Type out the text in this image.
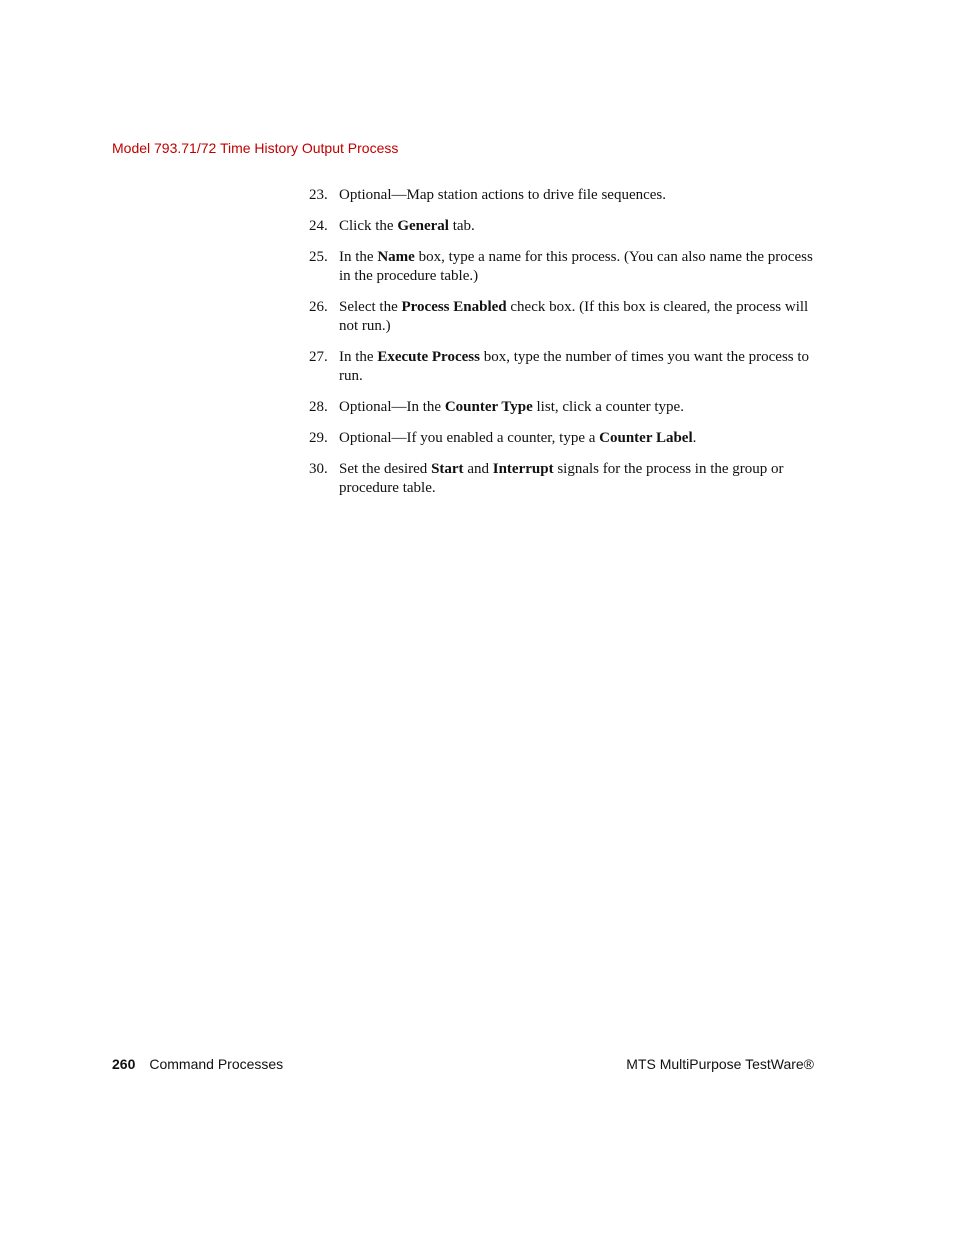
Model 793.71/72 Time History Output Process
23. Optional—Map station actions to drive file sequences.
24. Click the General tab.
25. In the Name box, type a name for this process. (You can also name the process in the procedure table.)
26. Select the Process Enabled check box. (If this box is cleared, the process will not run.)
27. In the Execute Process box, type the number of times you want the process to run.
28. Optional—In the Counter Type list, click a counter type.
29. Optional—If you enabled a counter, type a Counter Label.
30. Set the desired Start and Interrupt signals for the process in the group or procedure table.
260 Command Processes	MTS MultiPurpose TestWare®
